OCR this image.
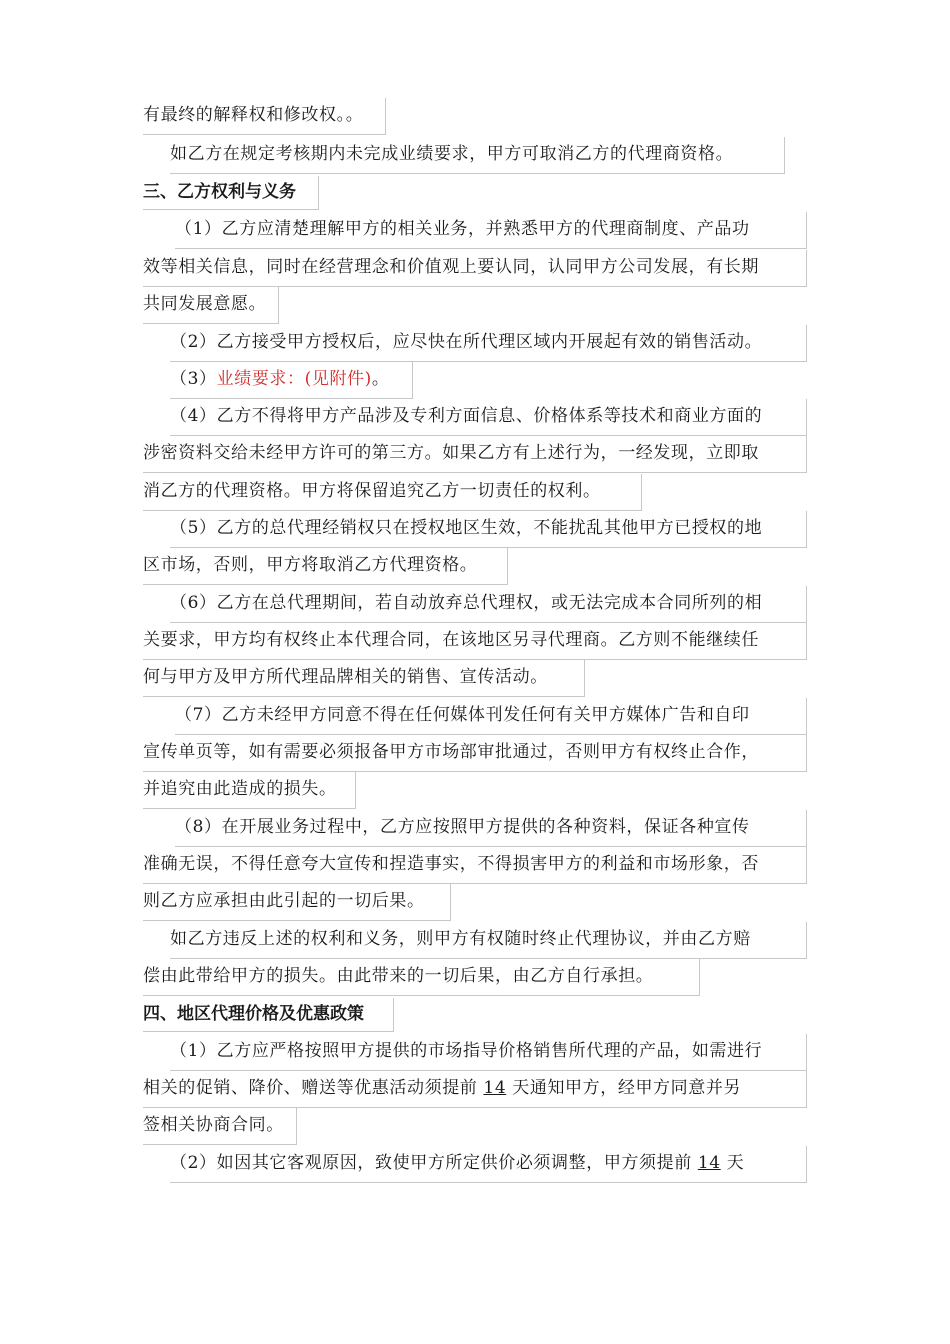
有最终的解释权和修改权。。
如乙方在规定考核期内未完成业绩要求，甲方可取消乙方的代理商资格。
三、乙方权利与义务
（1）乙方应清楚理解甲方的相关业务，并熟悉甲方的代理商制度、产品功
效等相关信息，同时在经营理念和价值观上要认同，认同甲方公司发展，有长期
共同发展意愿。
（2）乙方接受甲方授权后，应尽快在所代理区域内开展起有效的销售活动。
（3）业绩要求：(见附件)。
（4）乙方不得将甲方产品涉及专利方面信息、价格体系等技术和商业方面的
涉密资料交给未经甲方许可的第三方。如果乙方有上述行为，一经发现，立即取
消乙方的代理资格。甲方将保留追究乙方一切责任的权利。
（5）乙方的总代理经销权只在授权地区生效，不能扰乱其他甲方已授权的地
区市场，否则，甲方将取消乙方代理资格。
（6）乙方在总代理期间，若自动放弃总代理权，或无法完成本合同所列的相
关要求，甲方均有权终止本代理合同，在该地区另寻代理商。乙方则不能继续任
何与甲方及甲方所代理品牌相关的销售、宣传活动。
（7）乙方未经甲方同意不得在任何媒体刊发任何有关甲方媒体广告和自印
宣传单页等，如有需要必须报备甲方市场部审批通过，否则甲方有权终止合作，
并追究由此造成的损失。
（8）在开展业务过程中，乙方应按照甲方提供的各种资料，保证各种宣传
准确无误，不得任意夸大宣传和捏造事实，不得损害甲方的利益和市场形象，否
则乙方应承担由此引起的一切后果。
如乙方违反上述的权利和义务，则甲方有权随时终止代理协议，并由乙方赔
偿由此带给甲方的损失。由此带来的一切后果，由乙方自行承担。
四、地区代理价格及优惠政策
（1）乙方应严格按照甲方提供的市场指导价格销售所代理的产品，如需进行
相关的促销、降价、赠送等优惠活动须提前 14 天通知甲方，经甲方同意并另
签相关协商合同。
（2）如因其它客观原因，致使甲方所定供价必须调整，甲方须提前 14 天
